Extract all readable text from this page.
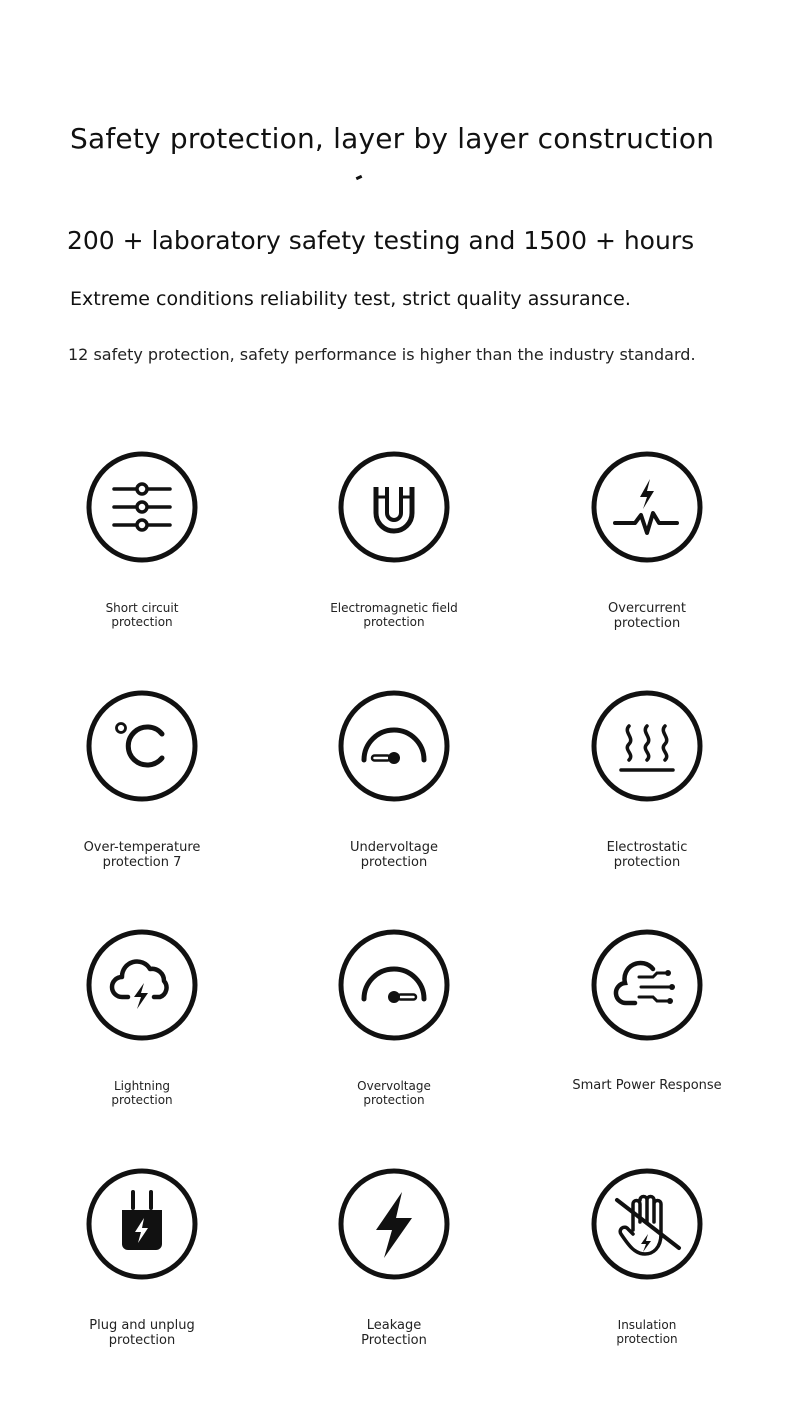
Safety protection, layer by layer construction
200 + laboratory safety testing and 1500 + hours
Extreme conditions reliability test, strict quality assurance.
12 safety protection, safety performance is higher than the industry standard.
Short circuit
protection
Electromagnetic field
protection
Overcurrent
protection
Over-temperature
protection 7
Undervoltage
protection
Electrostatic
protection
Lightning
protection
Overvoltage
protection
Smart Power Response
Plug and unplug
protection
Leakage
Protection
Insulation
protection
